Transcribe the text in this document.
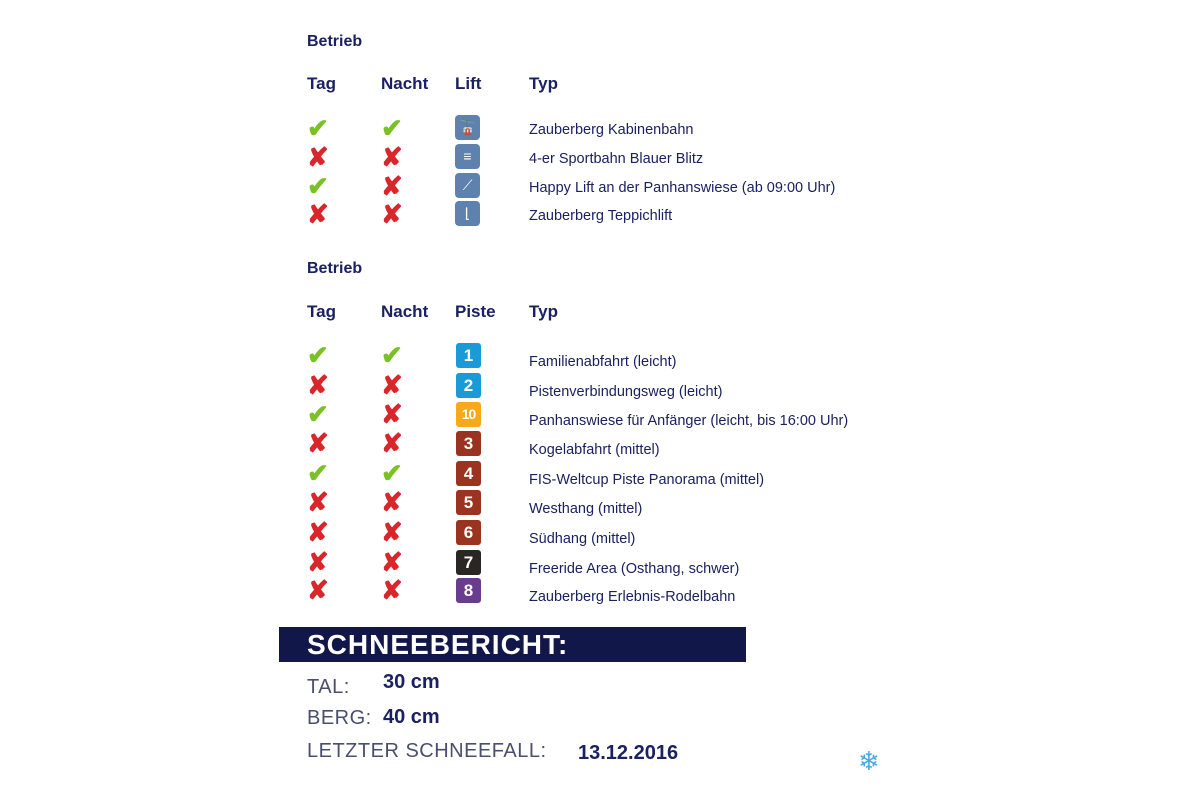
Betrieb
Tag	Nacht Lift	Typ
✔ ✔	🚡	Zauberberg Kabinenbahn
✘ ✘	≡	4-er Sportbahn Blauer Blitz
✔ ✘	⟋	Happy Lift an der Panhanswiese (ab 09:00 Uhr)
✘ ✘	⌊	Zauberberg Teppichlift
Betrieb
Tag	Nacht Piste Typ
✔ ✔	1	Familienabfahrt (leicht)
✘ ✘	2	Pistenverbindungsweg (leicht)
✔ ✘	10	Panhanswiese für Anfänger (leicht, bis 16:00 Uhr)
✘ ✘	3	Kogelabfahrt (mittel)
✔ ✔	4	FIS-Weltcup Piste Panorama (mittel)
✘ ✘	5	Westhang (mittel)
✘ ✘	6	Südhang (mittel)
✘ ✘	7	Freeride Area (Osthang, schwer)
✘ ✘	8	Zauberberg Erlebnis-Rodelbahn
SCHNEEBERICHT:
TAL: 30 cm
BERG: 40 cm
LETZTER SCHNEEFALL: 13.12.2016	❄
